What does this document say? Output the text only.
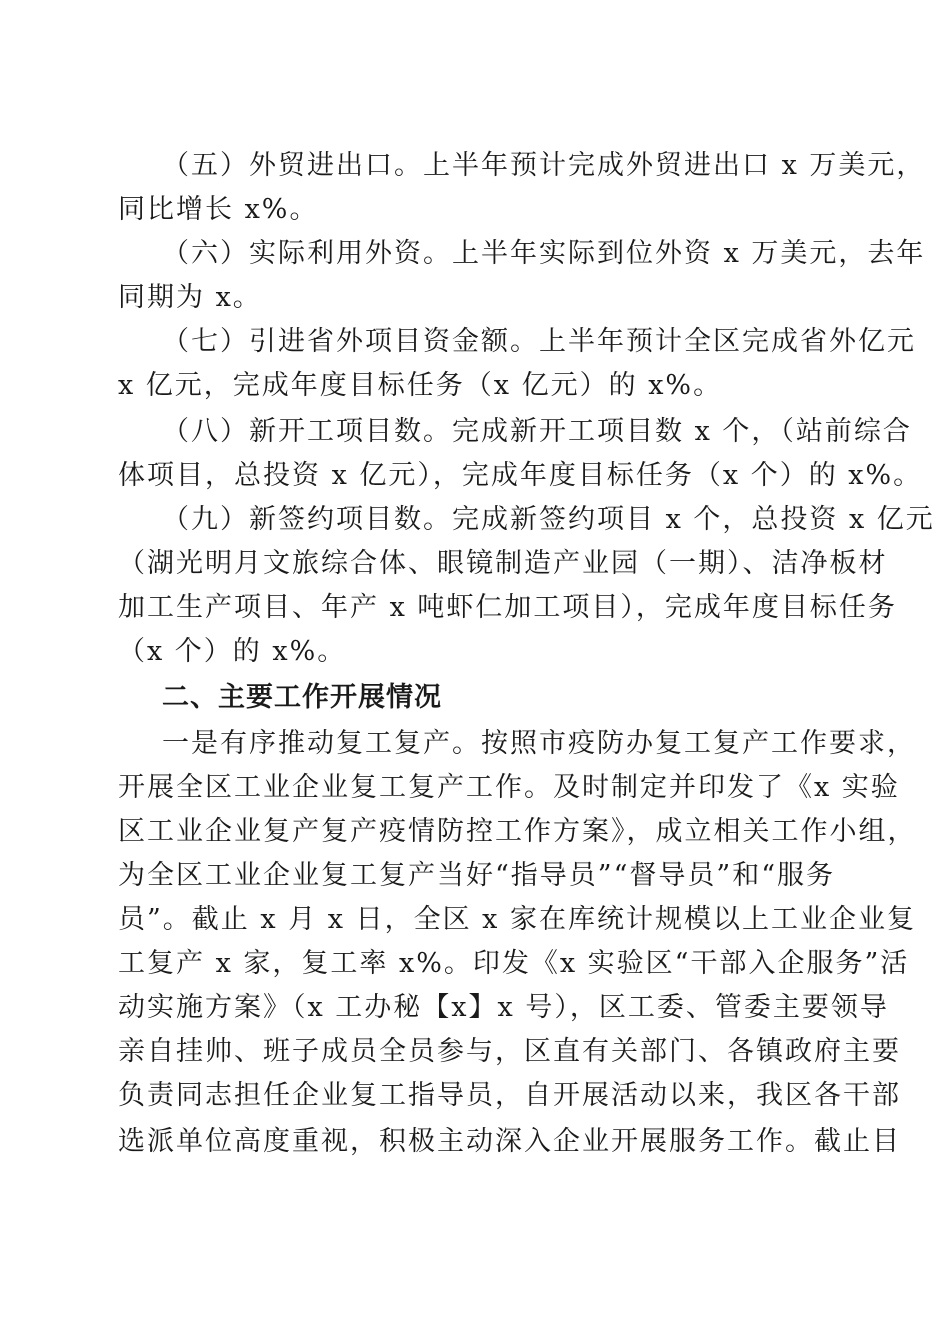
（五）外贸进出口。上半年预计完成外贸进出口 x 万美元，
同比增长 x%。
（六）实际利用外资。上半年实际到位外资 x 万美元，去年
同期为 x。
（七）引进省外项目资金额。上半年预计全区完成省外亿元
x 亿元，完成年度目标任务（x 亿元）的 x%。
（八）新开工项目数。完成新开工项目数 x 个，（站前综合
体项目，总投资 x 亿元），完成年度目标任务（x 个）的 x%。
（九）新签约项目数。完成新签约项目 x 个，总投资 x 亿元
（湖光明月文旅综合体、眼镜制造产业园（一期）、洁净板材
加工生产项目、年产 x 吨虾仁加工项目），完成年度目标任务
（x 个）的 x%。
二、主要工作开展情况
一是有序推动复工复产。按照市疫防办复工复产工作要求，
开展全区工业企业复工复产工作。及时制定并印发了《x 实验
区工业企业复产复产疫情防控工作方案》，成立相关工作小组，
为全区工业企业复工复产当好“指导员”“督导员”和“服务
员”。截止 x 月 x 日，全区 x 家在库统计规模以上工业企业复
工复产 x 家，复工率 x%。印发《x 实验区“干部入企服务”活
动实施方案》（x 工办秘【x】x 号），区工委、管委主要领导
亲自挂帅、班子成员全员参与，区直有关部门、各镇政府主要
负责同志担任企业复工指导员，自开展活动以来，我区各干部
选派单位高度重视，积极主动深入企业开展服务工作。截止目
